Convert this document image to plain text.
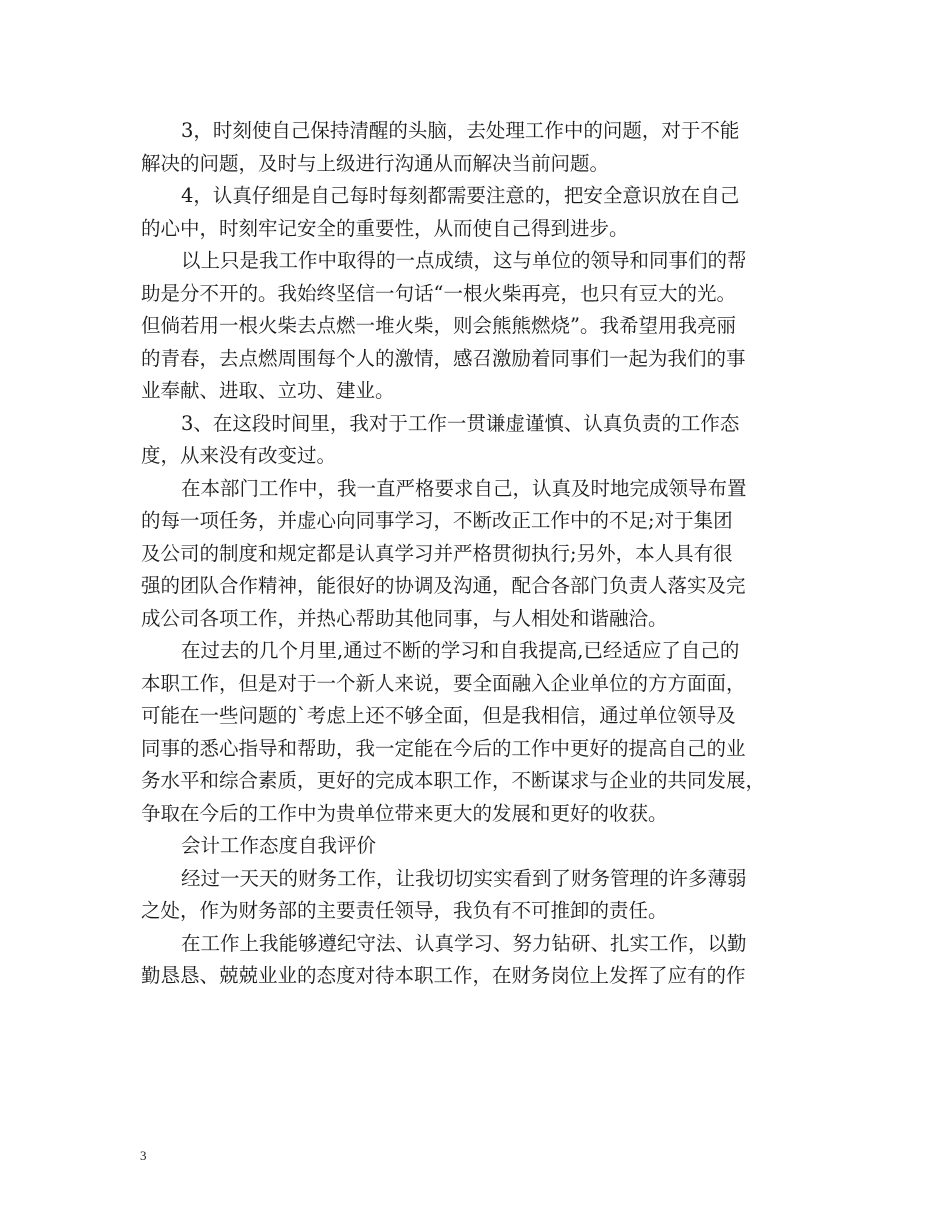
3，时刻使自己保持清醒的头脑，去处理工作中的问题，对于不能
解决的问题，及时与上级进行沟通从而解决当前问题。
4，认真仔细是自己每时每刻都需要注意的，把安全意识放在自己
的心中，时刻牢记安全的重要性，从而使自己得到进步。
以上只是我工作中取得的一点成绩，这与单位的领导和同事们的帮
助是分不开的。我始终坚信一句话“一根火柴再亮，也只有豆大的光。
但倘若用一根火柴去点燃一堆火柴，则会熊熊燃烧”。我希望用我亮丽
的青春，去点燃周围每个人的激情，感召激励着同事们一起为我们的事
业奉献、进取、立功、建业。
3、在这段时间里，我对于工作一贯谦虚谨慎、认真负责的工作态
度，从来没有改变过。
在本部门工作中，我一直严格要求自己，认真及时地完成领导布置
的每一项任务，并虚心向同事学习，不断改正工作中的不足;对于集团
及公司的制度和规定都是认真学习并严格贯彻执行;另外，本人具有很
强的团队合作精神，能很好的协调及沟通，配合各部门负责人落实及完
成公司各项工作，并热心帮助其他同事，与人相处和谐融洽。
在过去的几个月里,通过不断的学习和自我提高,已经适应了自己的
本职工作，但是对于一个新人来说，要全面融入企业单位的方方面面，
可能在一些问题的`考虑上还不够全面，但是我相信，通过单位领导及
同事的悉心指导和帮助，我一定能在今后的工作中更好的提高自己的业
务水平和综合素质，更好的完成本职工作，不断谋求与企业的共同发展，
争取在今后的工作中为贵单位带来更大的发展和更好的收获。
会计工作态度自我评价
经过一天天的财务工作，让我切切实实看到了财务管理的许多薄弱
之处，作为财务部的主要责任领导，我负有不可推卸的责任。
在工作上我能够遵纪守法、认真学习、努力钻研、扎实工作，以勤
勤恳恳、兢兢业业的态度对待本职工作，在财务岗位上发挥了应有的作
3
